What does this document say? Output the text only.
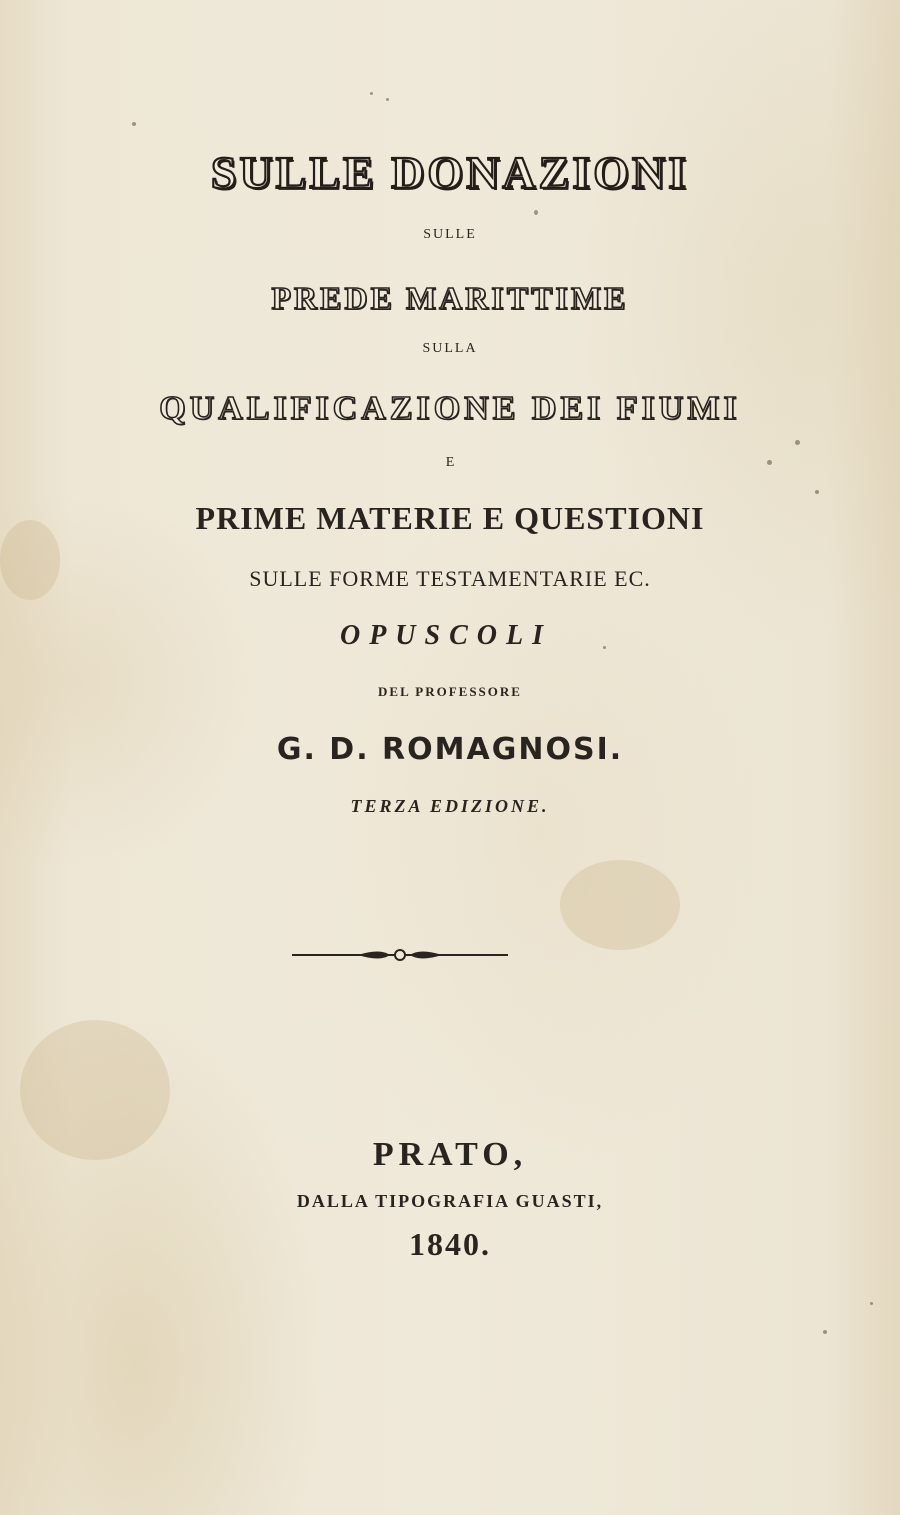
SULLE DONAZIONI
SULLE
PREDE MARITTIME
SULLA
QUALIFICAZIONE DEI FIUMI
E
PRIME MATERIE E QUESTIONI
SULLE FORME TESTAMENTARIE EC.
OPUSCOLI
DEL PROFESSORE
G. D. ROMAGNOSI.
TERZA EDIZIONE.
PRATO,
DALLA TIPOGRAFIA GUASTI,
1840.
